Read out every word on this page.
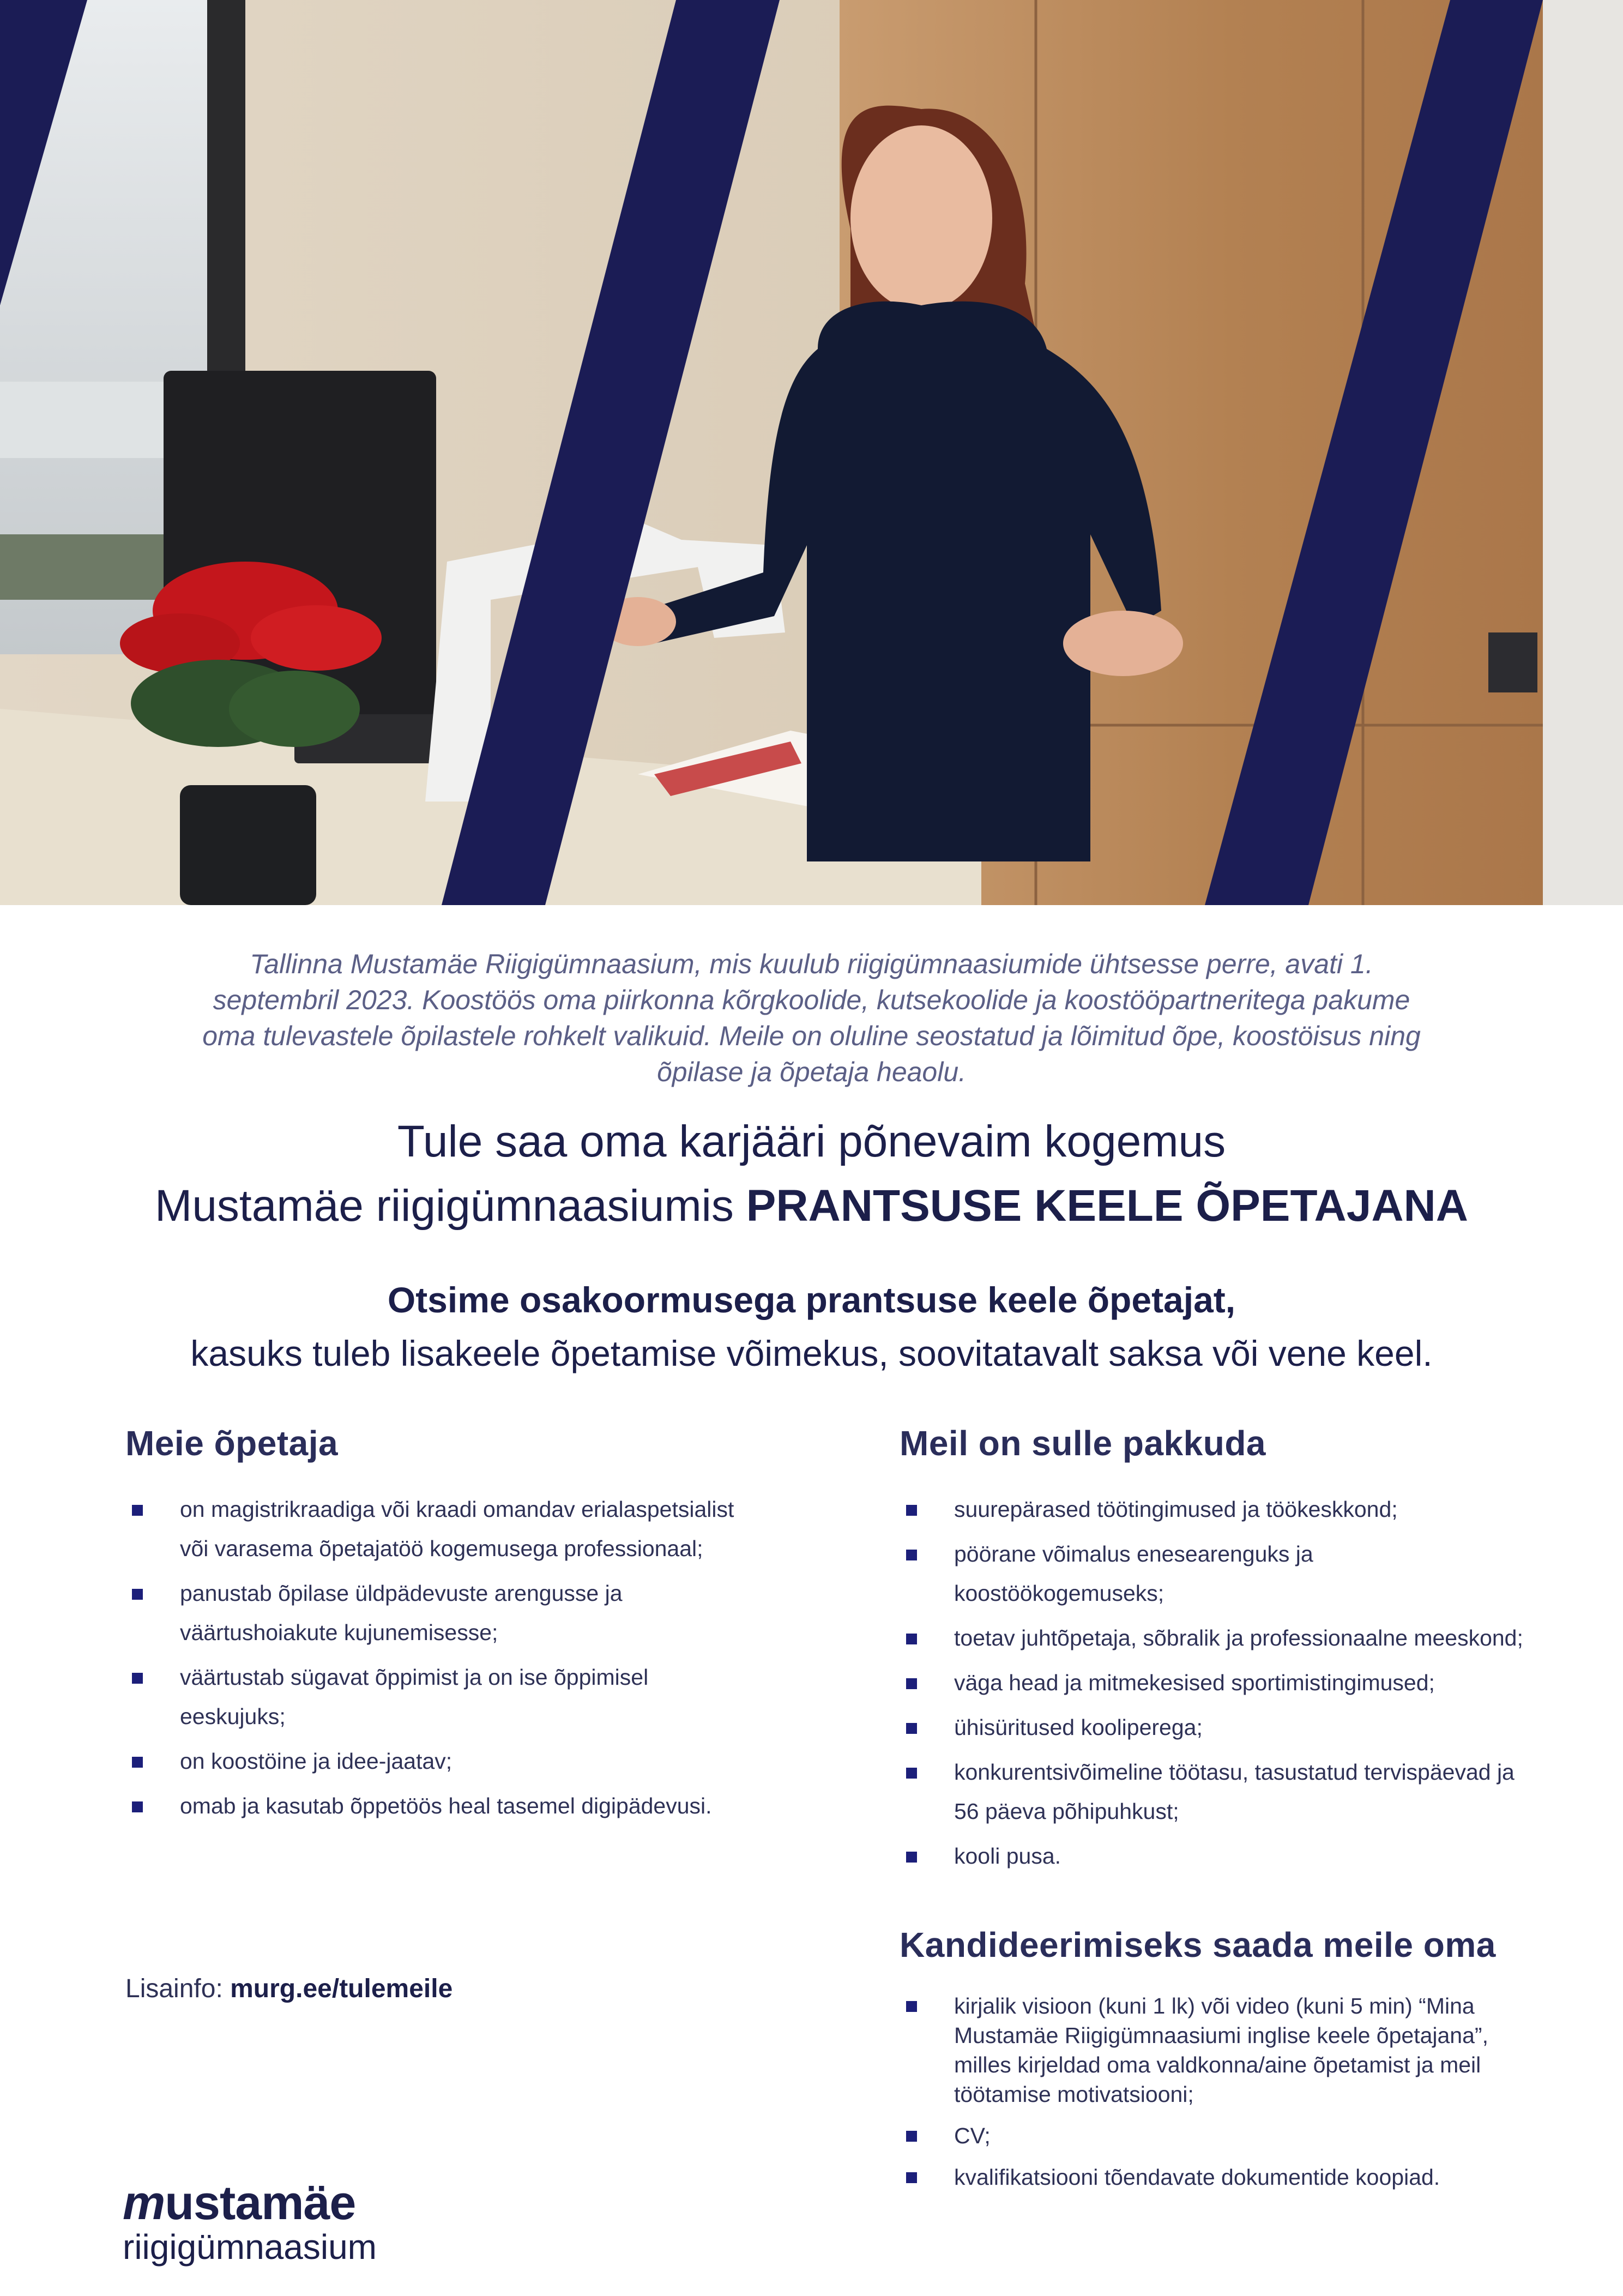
Tallinna Mustamäe Riigigümnaasium, mis kuulub riigigümnaasiumide ühtsesse perre, avati 1.
septembril 2023. Koostöös oma piirkonna kõrgkoolide, kutsekoolide ja koostööpartneritega pakume
oma tulevastele õpilastele rohkelt valikuid. Meile on oluline seostatud ja lõimitud õpe, koostöisus ning
õpilase ja õpetaja heaolu.
Tule saa oma karjääri põnevaim kogemus
Mustamäe riigigümnaasiumis PRANTSUSE KEELE ÕPETAJANA
Otsime osakoormusega prantsuse keele õpetajat,
kasuks tuleb lisakeele õpetamise võimekus, soovitatavalt saksa või vene keel.
Meie õpetaja
on magistrikraadiga või kraadi omandav erialaspetsialist või varasema õpetajatöö kogemusega professionaal;
panustab õpilase üldpädevuste arengusse ja väärtushoiakute kujunemisesse;
väärtustab sügavat õppimist ja on ise õppimisel eeskujuks;
on koostöine ja idee-jaatav;
omab ja kasutab õppetöös heal tasemel digipädevusi.
Lisainfo: murg.ee/tulemeile
Meil on sulle pakkuda
suurepärased töötingimused ja töökeskkond;
pöörane võimalus enesearenguks ja koostöökogemuseks;
toetav juhtõpetaja, sõbralik ja professionaalne meeskond;
väga head ja mitmekesised sportimistingimused;
ühisüritused kooliperega;
konkurentsivõimeline töötasu, tasustatud tervispäevad ja 56 päeva põhipuhkust;
kooli pusa.
Kandideerimiseks saada meile oma
kirjalik visioon (kuni 1 lk) või video (kuni 5 min) “Mina Mustamäe Riigigümnaasiumi inglise keele õpetajana”, milles kirjeldad oma valdkonna/aine õpetamist ja meil töötamise motivatsiooni;
CV;
kvalifikatsiooni tõendavate dokumentide koopiad.
mustamäe
riigigümnaasium
